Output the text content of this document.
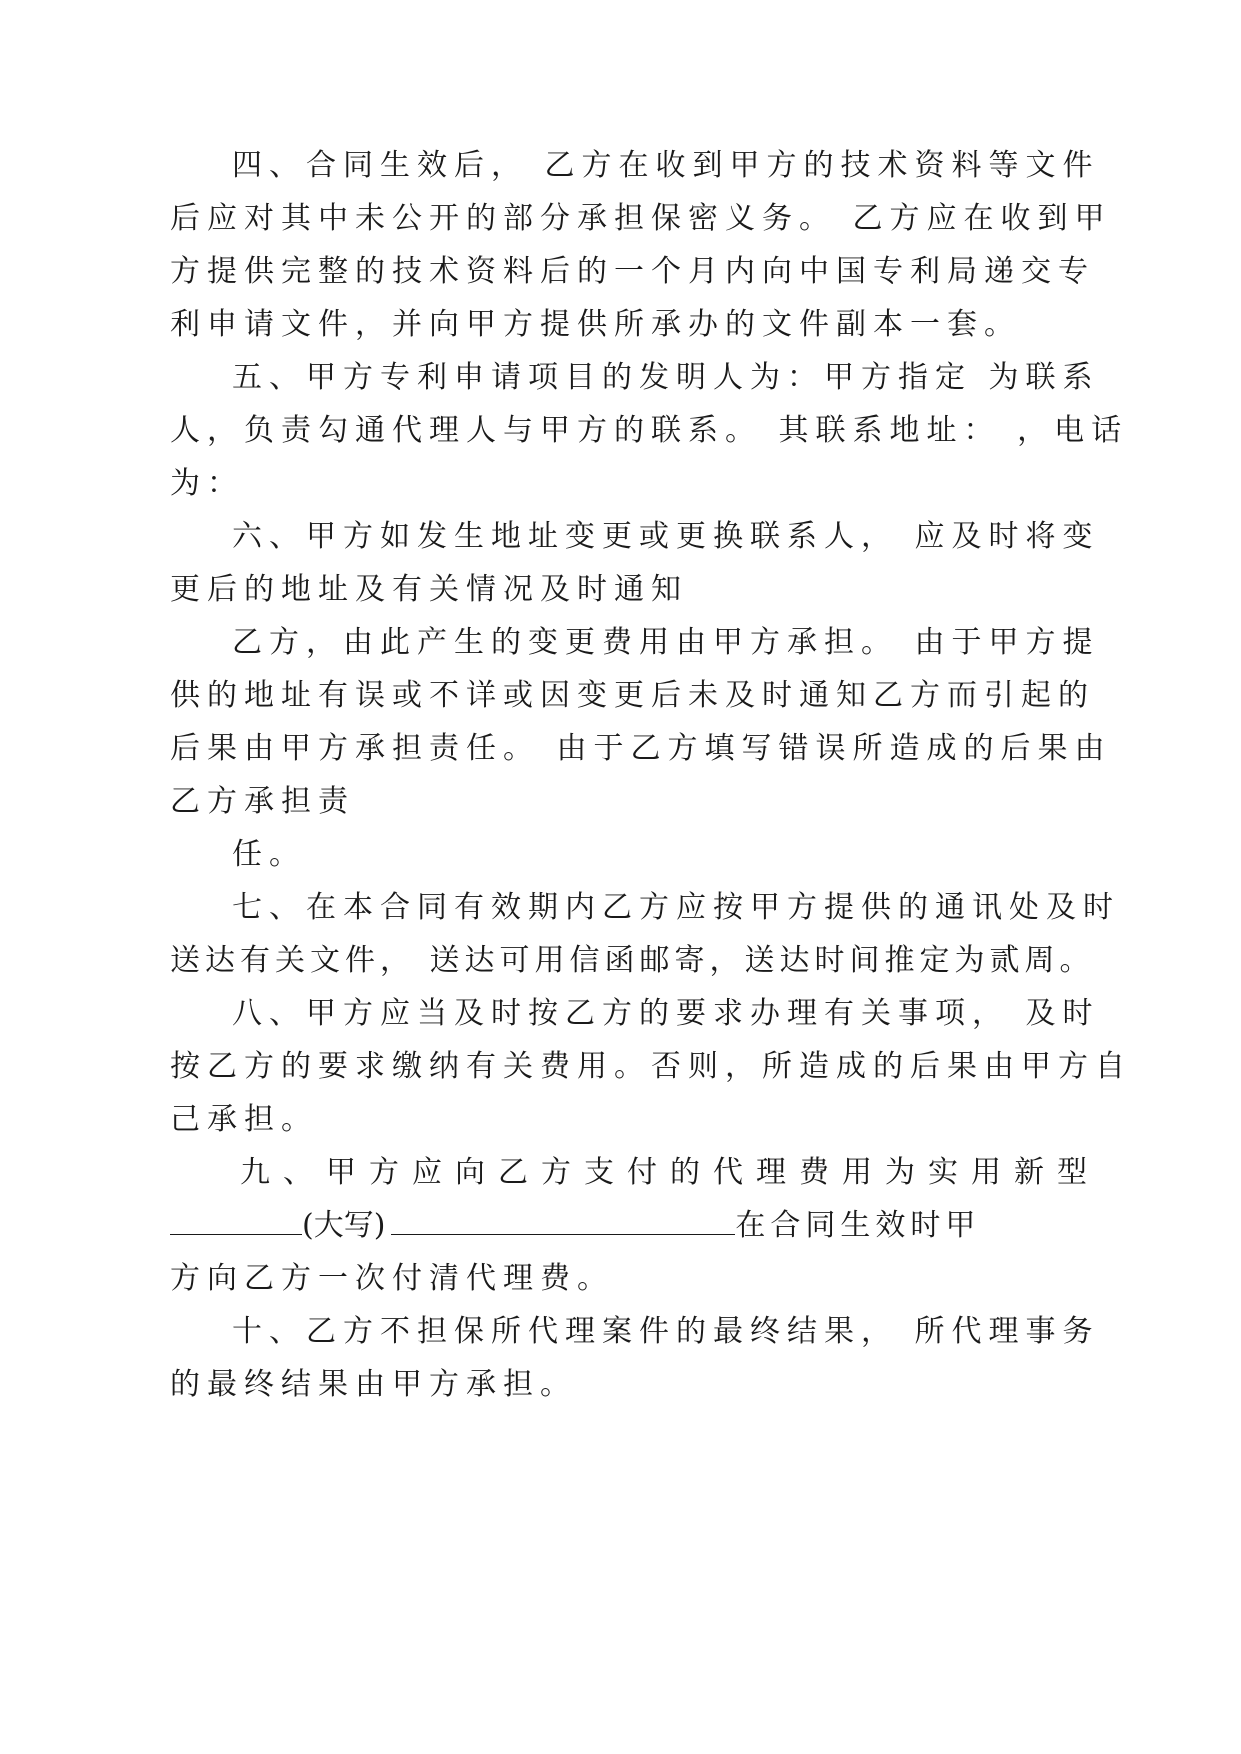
四、合同生效后， 乙方在收到甲方的技术资料等文件
后应对其中未公开的部分承担保密义务。 乙方应在收到甲
方提供完整的技术资料后的一个月内向中国专利局递交专
利申请文件，并向甲方提供所承办的文件副本一套。
五、甲方专利申请项目的发明人为：甲方指定 为联系
人，负责勾通代理人与甲方的联系。 其联系地址： ，电话
为：
六、甲方如发生地址变更或更换联系人， 应及时将变
更后的地址及有关情况及时通知
乙方，由此产生的变更费用由甲方承担。 由于甲方提
供的地址有误或不详或因变更后未及时通知乙方而引起的
后果由甲方承担责任。 由于乙方填写错误所造成的后果由
乙方承担责
任。
七、在本合同有效期内乙方应按甲方提供的通讯处及时
送达有关文件， 送达可用信函邮寄，送达时间推定为贰周。
八、甲方应当及时按乙方的要求办理有关事项， 及时
按乙方的要求缴纳有关费用。否则，所造成的后果由甲方自
己承担。
九、甲方应向乙方支付的代理费用为实用新型
(大写)	在合同生效时甲
方向乙方一次付清代理费。
十、乙方不担保所代理案件的最终结果， 所代理事务
的最终结果由甲方承担。
